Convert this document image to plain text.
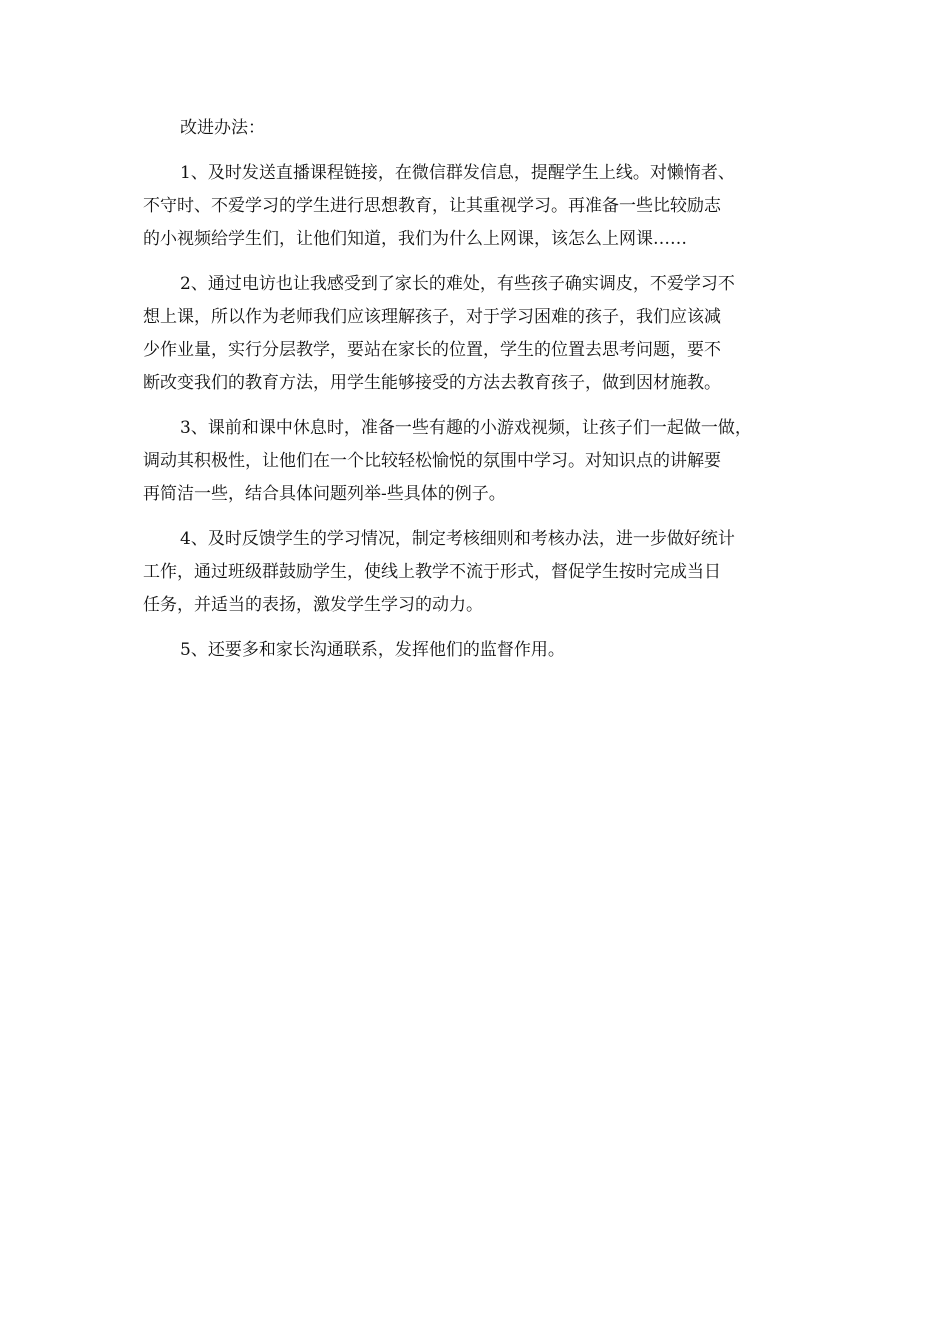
改进办法：
1、及时发送直播课程链接，在微信群发信息，提醒学生上线。对懒惰者、
不守时、不爱学习的学生进行思想教育，让其重视学习。再准备一些比较励志
的小视频给学生们，让他们知道，我们为什么上网课，该怎么上网课……
2、通过电访也让我感受到了家长的难处，有些孩子确实调皮，不爱学习不
想上课，所以作为老师我们应该理解孩子，对于学习困难的孩子，我们应该减
少作业量，实行分层教学，要站在家长的位置，学生的位置去思考问题，要不
断改变我们的教育方法，用学生能够接受的方法去教育孩子，做到因材施教。
3、课前和课中休息时，准备一些有趣的小游戏视频，让孩子们一起做一做，
调动其积极性，让他们在一个比较轻松愉悦的氛围中学习。对知识点的讲解要
再简洁一些，结合具体问题列举-些具体的例子。
4、及时反馈学生的学习情况，制定考核细则和考核办法，进一步做好统计
工作，通过班级群鼓励学生，使线上教学不流于形式，督促学生按时完成当日
任务，并适当的表扬，激发学生学习的动力。
5、还要多和家长沟通联系，发挥他们的监督作用。
